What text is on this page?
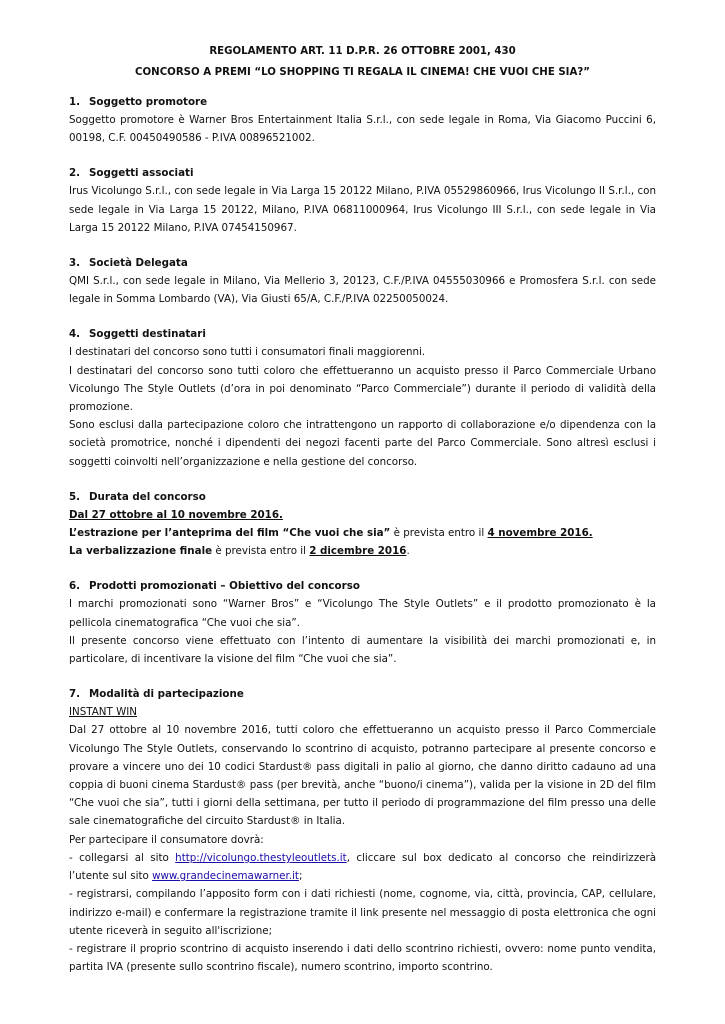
REGOLAMENTO ART. 11 D.P.R. 26 OTTOBRE 2001, 430

CONCORSO A PREMI “LO SHOPPING TI REGALA IL CINEMA! CHE VUOI CHE SIA?”

1. Soggetto promotore

Soggetto promotore è Warner Bros Entertainment Italia S.r.l., con sede legale in Roma, Via Giacomo Puccini 6, 00198, C.F. 00450490586 - P.IVA 00896521002.

2. Soggetti associati

Irus Vicolungo S.r.l., con sede legale in Via Larga 15 20122 Milano, P.IVA 05529860966, Irus Vicolungo II S.r.l., con sede legale in Via Larga 15 20122, Milano, P.IVA 06811000964, Irus Vicolungo III S.r.l., con sede legale in Via Larga 15 20122 Milano, P.IVA 07454150967.

3. Società Delegata

QMI S.r.l., con sede legale in Milano, Via Mellerio 3, 20123, C.F./P.IVA 04555030966 e Promosfera S.r.l. con sede legale in Somma Lombardo (VA), Via Giusti 65/A, C.F./P.IVA 02250050024.

4. Soggetti destinatari

I destinatari del concorso sono tutti i consumatori finali maggiorenni.

I destinatari del concorso sono tutti coloro che effettueranno un acquisto presso il Parco Commerciale Urbano Vicolungo The Style Outlets (d’ora in poi denominato “Parco Commerciale”) durante il periodo di validità della promozione.

Sono esclusi dalla partecipazione coloro che intrattengono un rapporto di collaborazione e/o dipendenza con la società promotrice, nonché i dipendenti dei negozi facenti parte del Parco Commerciale. Sono altresì esclusi i soggetti coinvolti nell’organizzazione e nella gestione del concorso.

5. Durata del concorso

Dal 27 ottobre al 10 novembre 2016.

L’estrazione per l’anteprima del film “Che vuoi che sia” è prevista entro il 4 novembre 2016.

La verbalizzazione finale è prevista entro il 2 dicembre 2016.

6. Prodotti promozionati – Obiettivo del concorso

I marchi promozionati sono “Warner Bros” e “Vicolungo The Style Outlets” e il prodotto promozionato è la pellicola cinematografica “Che vuoi che sia”.

Il presente concorso viene effettuato con l’intento di aumentare la visibilità dei marchi promozionati e, in particolare, di incentivare la visione del film “Che vuoi che sia”.

7. Modalità di partecipazione

INSTANT WIN

Dal 27 ottobre al 10 novembre 2016, tutti coloro che effettueranno un acquisto presso il Parco Commerciale Vicolungo The Style Outlets, conservando lo scontrino di acquisto, potranno partecipare al presente concorso e provare a vincere uno dei 10 codici Stardust® pass digitali in palio al giorno, che danno diritto cadauno ad una coppia di buoni cinema Stardust® pass (per brevità, anche “buono/i cinema”), valida per la visione in 2D del film “Che vuoi che sia”, tutti i giorni della settimana, per tutto il periodo di programmazione del film presso una delle sale cinematografiche del circuito Stardust® in Italia.

Per partecipare il consumatore dovrà:

- collegarsi al sito http://vicolungo.thestyleoutlets.it, cliccare sul box dedicato al concorso che reindirizzerà l’utente sul sito www.grandecinemawarner.it;

- registrarsi, compilando l’apposito form con i dati richiesti (nome, cognome, via, città, provincia, CAP, cellulare, indirizzo e-mail) e confermare la registrazione tramite il link presente nel messaggio di posta elettronica che ogni utente riceverà in seguito all'iscrizione;

- registrare il proprio scontrino di acquisto inserendo i dati dello scontrino richiesti, ovvero: nome punto vendita, partita IVA (presente sullo scontrino fiscale), numero scontrino, importo scontrino.
